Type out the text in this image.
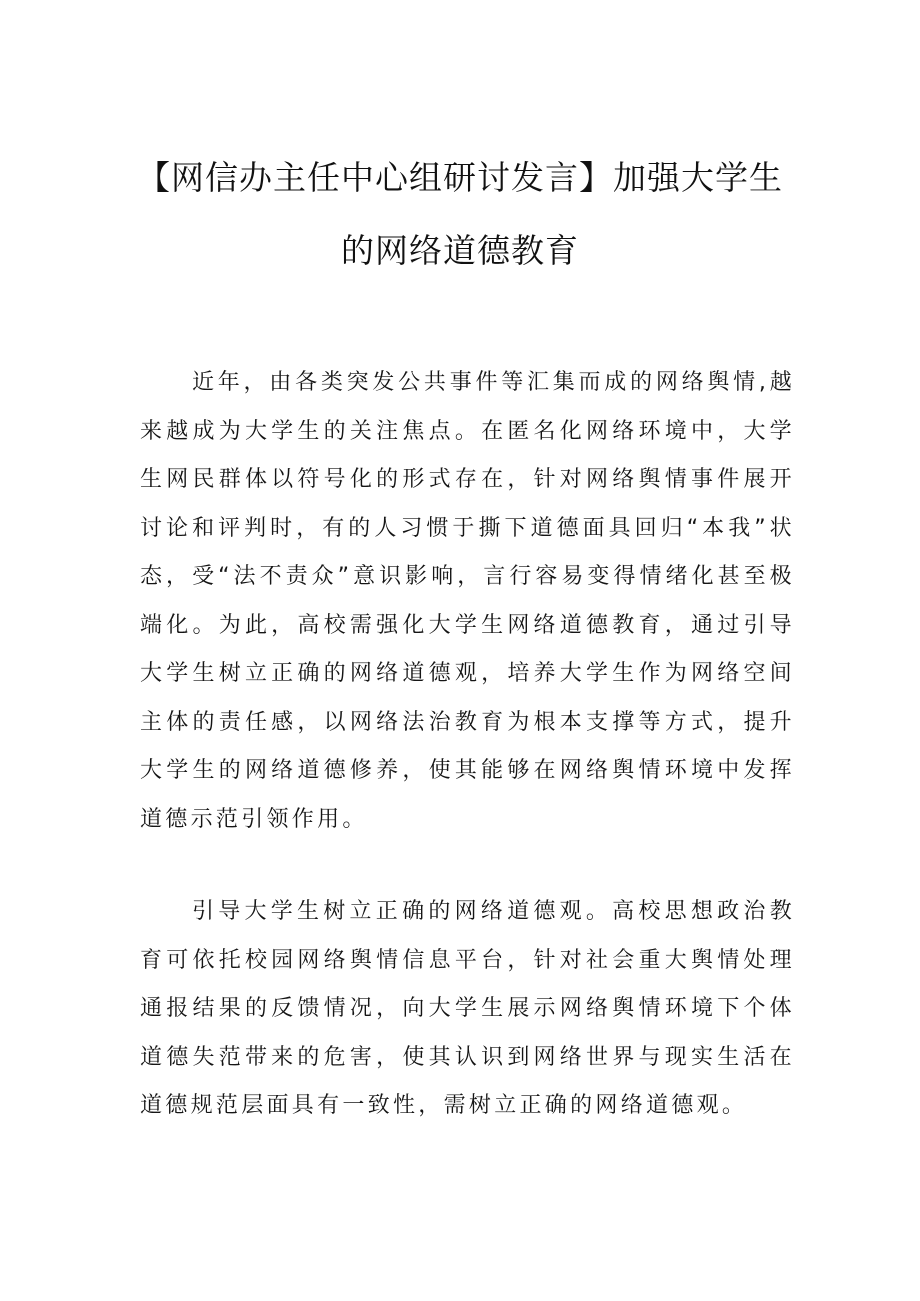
【网信办主任中心组研讨发言】加强大学生
的网络道德教育

近年，由各类突发公共事件等汇集而成的网络舆情,越来越成为大学生的关注焦点。在匿名化网络环境中，大学生网民群体以符号化的形式存在，针对网络舆情事件展开讨论和评判时，有的人习惯于撕下道德面具回归“本我”状态，受“法不责众”意识影响，言行容易变得情绪化甚至极端化。为此，高校需强化大学生网络道德教育，通过引导大学生树立正确的网络道德观，培养大学生作为网络空间主体的责任感，以网络法治教育为根本支撑等方式，提升大学生的网络道德修养，使其能够在网络舆情环境中发挥道德示范引领作用。

引导大学生树立正确的网络道德观。高校思想政治教育可依托校园网络舆情信息平台，针对社会重大舆情处理通报结果的反馈情况，向大学生展示网络舆情环境下个体道德失范带来的危害，使其认识到网络世界与现实生活在道德规范层面具有一致性，需树立正确的网络道德观。
